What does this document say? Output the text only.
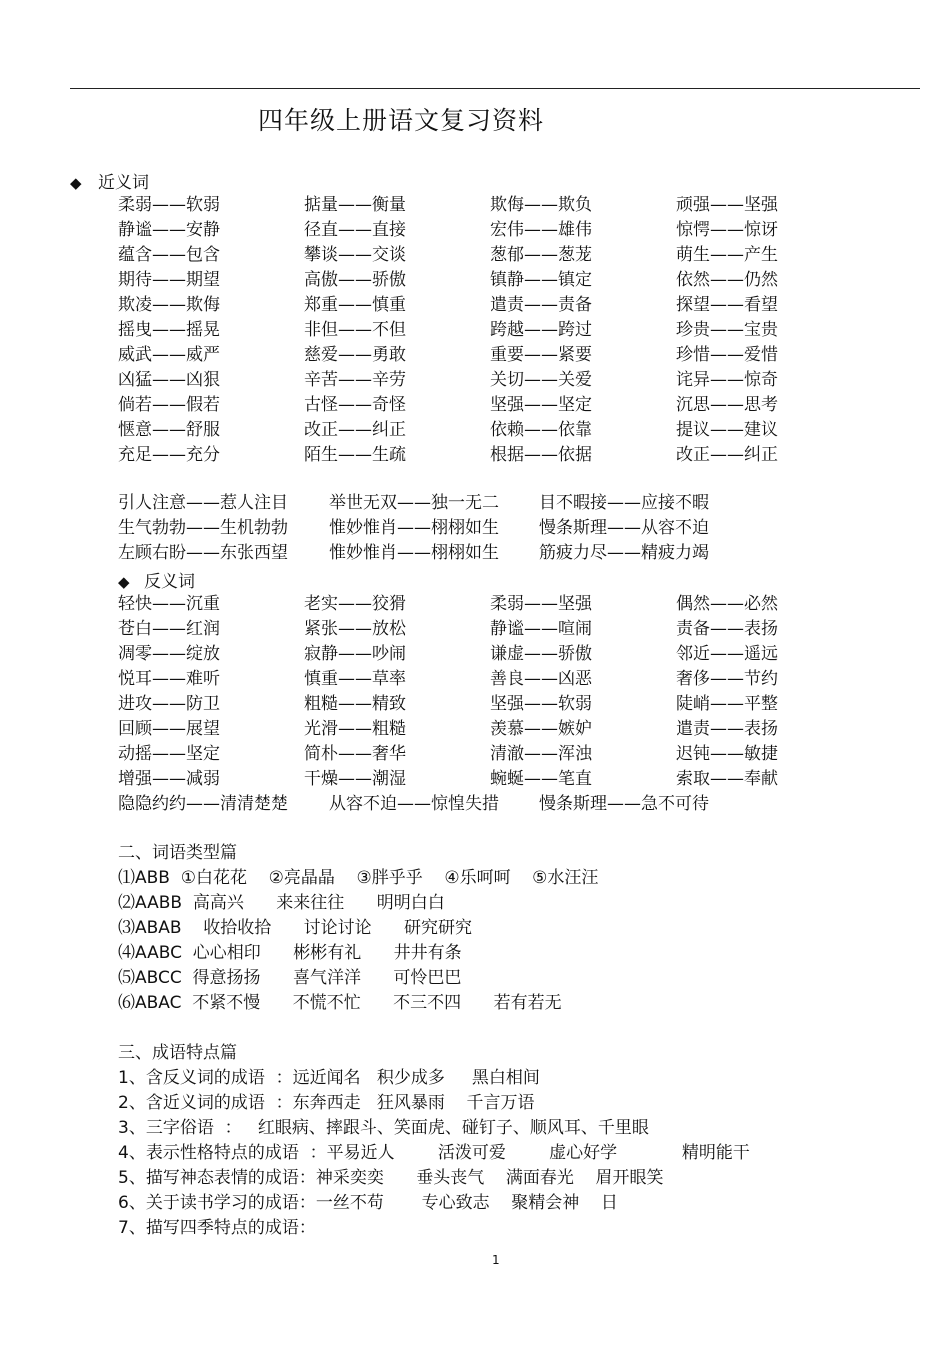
四年级上册语文复习资料
◆ 近义词
柔弱——软弱	掂量——衡量	欺侮——欺负	顽强——坚强
静谧——安静	径直——直接	宏伟——雄伟	惊愕——惊讶
蕴含——包含	攀谈——交谈	葱郁——葱茏	萌生——产生
期待——期望	高傲——骄傲	镇静——镇定	依然——仍然
欺凌——欺侮	郑重——慎重	遣责——责备	探望——看望
摇曳——摇晃	非但——不但	跨越——跨过	珍贵——宝贵
威武——威严	慈爱——勇敢	重要——紧要	珍惜——爱惜
凶猛——凶狠	辛苦——辛劳	关切——关爱	诧异——惊奇
倘若——假若	古怪——奇怪	坚强——坚定	沉思——思考
惬意——舒服	改正——纠正	依赖——依靠	提议——建议
充足——充分	陌生——生疏	根据——依据	改正——纠正
引人注意——惹人注目 举世无双——独一无二 目不暇接——应接不暇
生气勃勃——生机勃勃 惟妙惟肖——栩栩如生 慢条斯理——从容不迫
左顾右盼——东张西望 惟妙惟肖——栩栩如生 筋疲力尽——精疲力竭
◆ 反义词
轻快——沉重	老实——狡猾	柔弱——坚强	偶然——必然
苍白——红润	紧张——放松	静谧——喧闹	责备——表扬
凋零——绽放	寂静——吵闹	谦虚——骄傲	邻近——遥远
悦耳——难听	慎重——草率	善良——凶恶	奢侈——节约
进攻——防卫	粗糙——精致	坚强——软弱	陡峭——平整
回顾——展望	光滑——粗糙	羡慕——嫉妒	遣责——表扬
动摇——坚定	简朴——奢华	清澈——浑浊	迟钝——敏捷
增强——减弱	干燥——潮湿	蜿蜒——笔直	索取——奉献
隐隐约约——清清楚楚 从容不迫——惊惶失措 慢条斯理——急不可待
二、词语类型篇
⑴ABB  ①白花花    ②亮晶晶    ③胖乎乎    ④乐呵呵    ⑤水汪汪
⑵AABB  高高兴      来来往往      明明白白
⑶ABAB    收拾收拾      讨论讨论      研究研究
⑷AABC  心心相印      彬彬有礼      井井有条
⑸ABCC  得意扬扬      喜气洋洋      可怜巴巴
⑹ABAC  不紧不慢      不慌不忙      不三不四      若有若无
三、成语特点篇
1、含反义词的成语  ：远近闻名   积少成多     黑白相间
2、含近义词的成语  ：东奔西走   狂风暴雨    千言万语
3、三字俗语  ：   红眼病、摔跟斗、笑面虎、碰钉子、顺风耳、千里眼
4、表示性格特点的成语  ：平易近人        活泼可爱        虚心好学            精明能干
5、描写神态表情的成语：神采奕奕      垂头丧气    满面春光    眉开眼笑
6、关于读书学习的成语：一丝不苟       专心致志    聚精会神    日
7、描写四季特点的成语：
1
